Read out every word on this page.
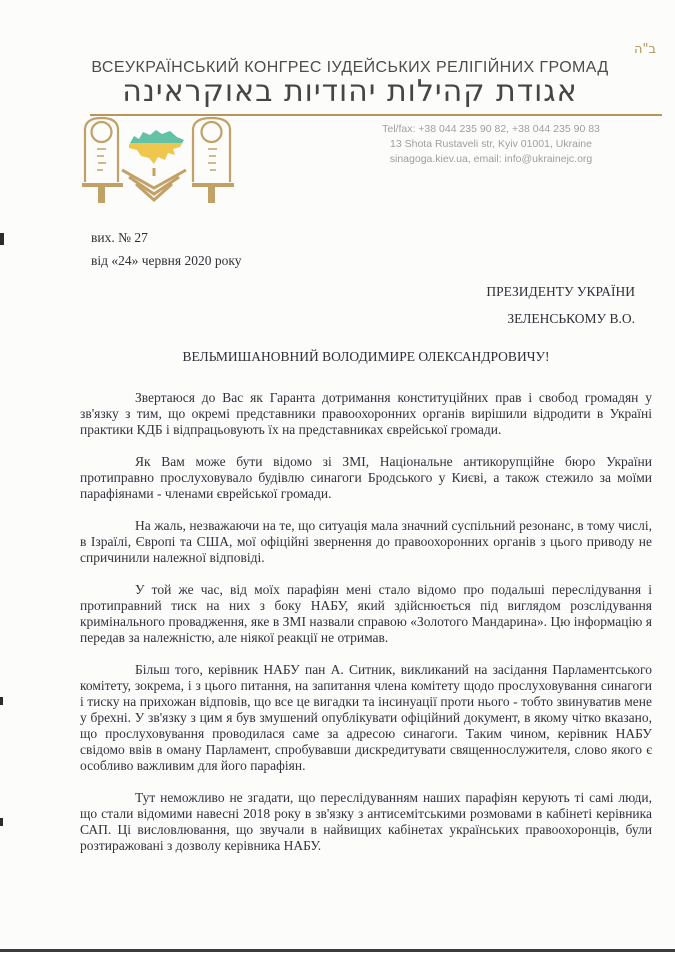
ב"ה
ВСЕУКРАЇНСЬКИЙ КОНГРЕС ІУДЕЙСЬКИХ РЕЛІГІЙНИХ ГРОМАД
אגודת קהילות יהודיות באוקראינה
Tel/fax: +38 044 235 90 82, +38 044 235 90 83
13 Shota Rustaveli str, Kyiv 01001, Ukraine
sinagoga.kiev.ua, email: info@ukrainejc.org
вих. № 27
від «24» червня 2020 року
ПРЕЗИДЕНТУ УКРАЇНИ
ЗЕЛЕНСЬКОМУ В.О.
ВЕЛЬМИШАНОВНИЙ ВОЛОДИМИРЕ ОЛЕКСАНДРОВИЧУ!

Звертаюся до Вас як Гаранта дотримання конституційних прав і свобод громадян у зв'язку з тим, що окремі представники правоохоронних органів вирішили відродити в Україні практики КДБ і відпрацьовують їх на представниках єврейської громади.

Як Вам може бути відомо зі ЗМІ, Національне антикорупційне бюро України протиправно прослуховувало будівлю синагоги Бродського у Києві, а також стежило за моїми парафіянами - членами єврейської громади.

На жаль, незважаючи на те, що ситуація мала значний суспільний резонанс, в тому числі, в Ізраїлі, Європі та США, мої офіційні звернення до правоохоронних органів з цього приводу не спричинили належної відповіді.

У той же час, від моїх парафіян мені стало відомо про подальші переслідування і протиправний тиск на них з боку НАБУ, який здійснюється під виглядом розслідування кримінального провадження, яке в ЗМІ назвали справою «Золотого Мандарина». Цю інформацію я передав за належністю, але ніякої реакції не отримав.

Більш того, керівник НАБУ пан А. Ситник, викликаний на засідання Парламентського комітету, зокрема, і з цього питання, на запитання члена комітету щодо прослуховування синагоги і тиску на прихожан відповів, що все це вигадки та інсинуації проти нього - тобто звинуватив мене у брехні. У зв'язку з цим я був змушений опублікувати офіційний документ, в якому чітко вказано, що прослуховування проводилася саме за адресою синагоги. Таким чином, керівник НАБУ свідомо ввів в оману Парламент, спробувавши дискредитувати священнослужителя, слово якого є особливо важливим для його парафіян.

Тут неможливо не згадати, що переслідуванням наших парафіян керують ті самі люди, що стали відомими навесні 2018 року в зв'язку з антисемітськими розмовами в кабінеті керівника САП. Ці висловлювання, що звучали в найвищих кабінетах українських правоохоронців, були розтиражовані з дозволу керівника НАБУ.
